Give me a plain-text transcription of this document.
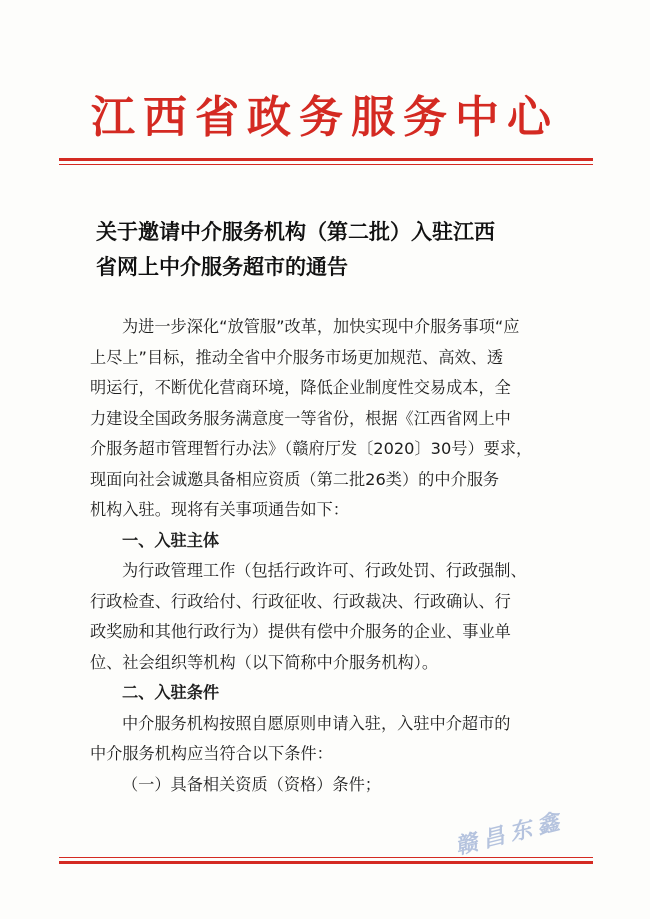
江西省政务服务中心
关于邀请中介服务机构（第二批）入驻江西
省网上中介服务超市的通告
为进一步深化“放管服”改革，加快实现中介服务事项“应
上尽上”目标，推动全省中介服务市场更加规范、高效、透
明运行，不断优化营商环境，降低企业制度性交易成本，全
力建设全国政务服务满意度一等省份，根据《江西省网上中
介服务超市管理暂行办法》（赣府厅发〔2020〕30号）要求，
现面向社会诚邀具备相应资质（第二批26类）的中介服务
机构入驻。现将有关事项通告如下：
一、入驻主体
为行政管理工作（包括行政许可、行政处罚、行政强制、
行政检查、行政给付、行政征收、行政裁决、行政确认、行
政奖励和其他行政行为）提供有偿中介服务的企业、事业单
位、社会组织等机构（以下简称中介服务机构）。
二、入驻条件
中介服务机构按照自愿原则申请入驻，入驻中介超市的
中介服务机构应当符合以下条件：
（一）具备相关资质（资格）条件；
赣昌东鑫
